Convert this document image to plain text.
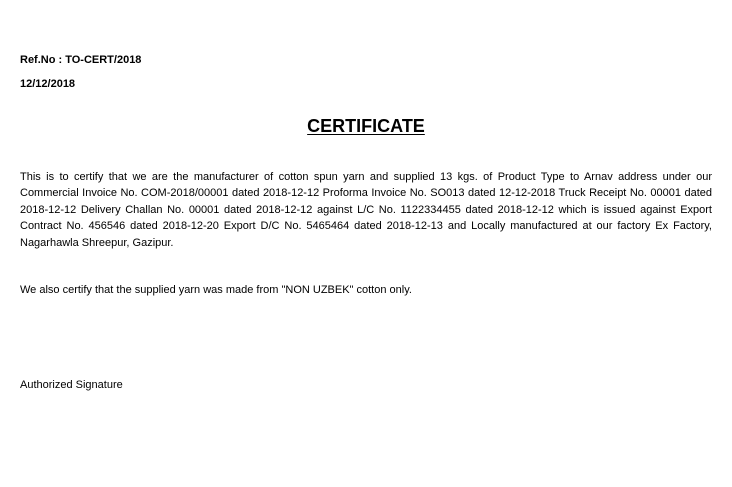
Ref.No : TO-CERT/2018
12/12/2018
CERTIFICATE

This is to certify that we are the manufacturer of cotton spun yarn and supplied 13 kgs. of Product Type to Arnav address under our Commercial Invoice No. COM-2018/00001 dated 2018-12-12 Proforma Invoice No. SO013 dated 12-12-2018 Truck Receipt No. 00001 dated 2018-12-12 Delivery Challan No. 00001 dated 2018-12-12 against L/C No. 1122334455 dated 2018-12-12 which is issued against Export Contract No. 456546 dated 2018-12-20 Export D/C No. 5465464 dated 2018-12-13 and Locally manufactured at our factory Ex Factory, Nagarhawla Shreepur, Gazipur.

We also certify that the supplied yarn was made from "NON UZBEK" cotton only.

Authorized Signature
